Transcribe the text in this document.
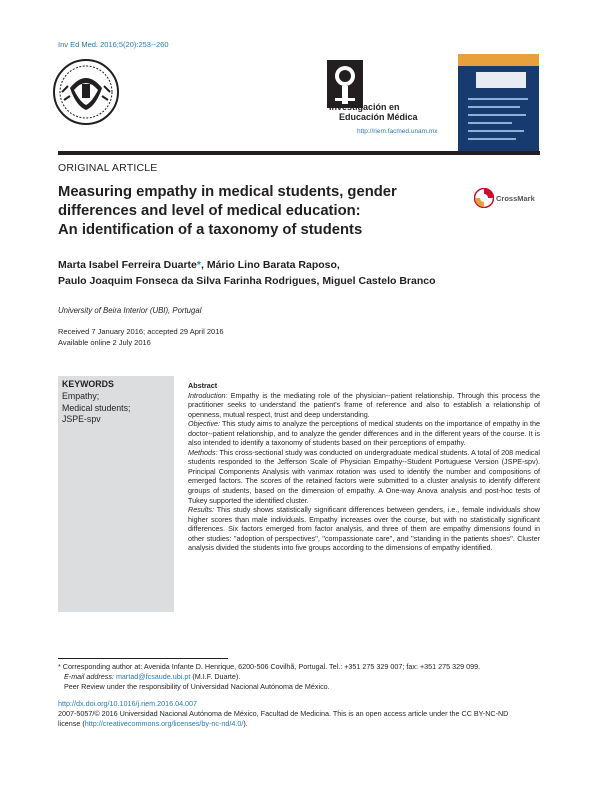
Inv Ed Med. 2016;5(20):253--260
Investigación en
Educación Médica
http://riem.facmed.unam.mx
ORIGINAL ARTICLE
Measuring empathy in medical students, gender
differences and level of medical education:
An identification of a taxonomy of students
CrossMark
Marta Isabel Ferreira Duarte*, Mário Lino Barata Raposo,
Paulo Joaquim Fonseca da Silva Farinha Rodrigues, Miguel Castelo Branco
University of Beira Interior (UBI), Portugal
Received 7 January 2016; accepted 29 April 2016
Available online 2 July 2016
KEYWORDS
Empathy;
Medical students;
JSPE-spv

Abstract

Introduction: Empathy is the mediating role of the physician--patient relationship. Through this process the practitioner seeks to understand the patient's frame of reference and also to establish a relationship of openness, mutual respect, trust and deep understanding.

Objective: This study aims to analyze the perceptions of medical students on the importance of empathy in the doctor--patient relationship, and to analyze the gender differences and in the different years of the course. It is also intended to identify a taxonomy of students based on their perceptions of empathy.

Methods: This cross-sectional study was conducted on undergraduate medical students. A total of 208 medical students responded to the Jefferson Scale of Physician Empathy--Student Portuguese Version (JSPE-spv). Principal Components Analysis with varimax rotation was used to identify the number and compositions of emerged factors. The scores of the retained factors were submitted to a cluster analysis to identify different groups of students, based on the dimension of empathy. A One-way Anova analysis and post-hoc tests of Tukey supported the identified cluster.

Results: This study shows statistically significant differences between genders, i.e., female individuals show higher scores than male individuals. Empathy increases over the course, but with no statistically significant differences. Six factors emerged from factor analysis, and three of them are empathy dimensions found in other studies: ''adoption of perspectives'', ''compassionate care'', and ''standing in the patients shoes''. Cluster analysis divided the students into five groups according to the dimensions of empathy identified.

* Corresponding author at: Avenida Infante D. Henrique, 6200-506 Covilhã, Portugal. Tel.: +351 275 329 007; fax: +351 275 329 099.
E-mail address: martad@fcsaude.ubi.pt (M.I.F. Duarte).
Peer Review under the responsibility of Universidad Nacional Autónoma de México.
http://dx.doi.org/10.1016/j.riem.2016.04.007
2007-5057/© 2016 Universidad Nacional Autónoma de México, Facultad de Medicina. This is an open access article under the CC BY-NC-ND
license (http://creativecommons.org/licenses/by-nc-nd/4.0/).
